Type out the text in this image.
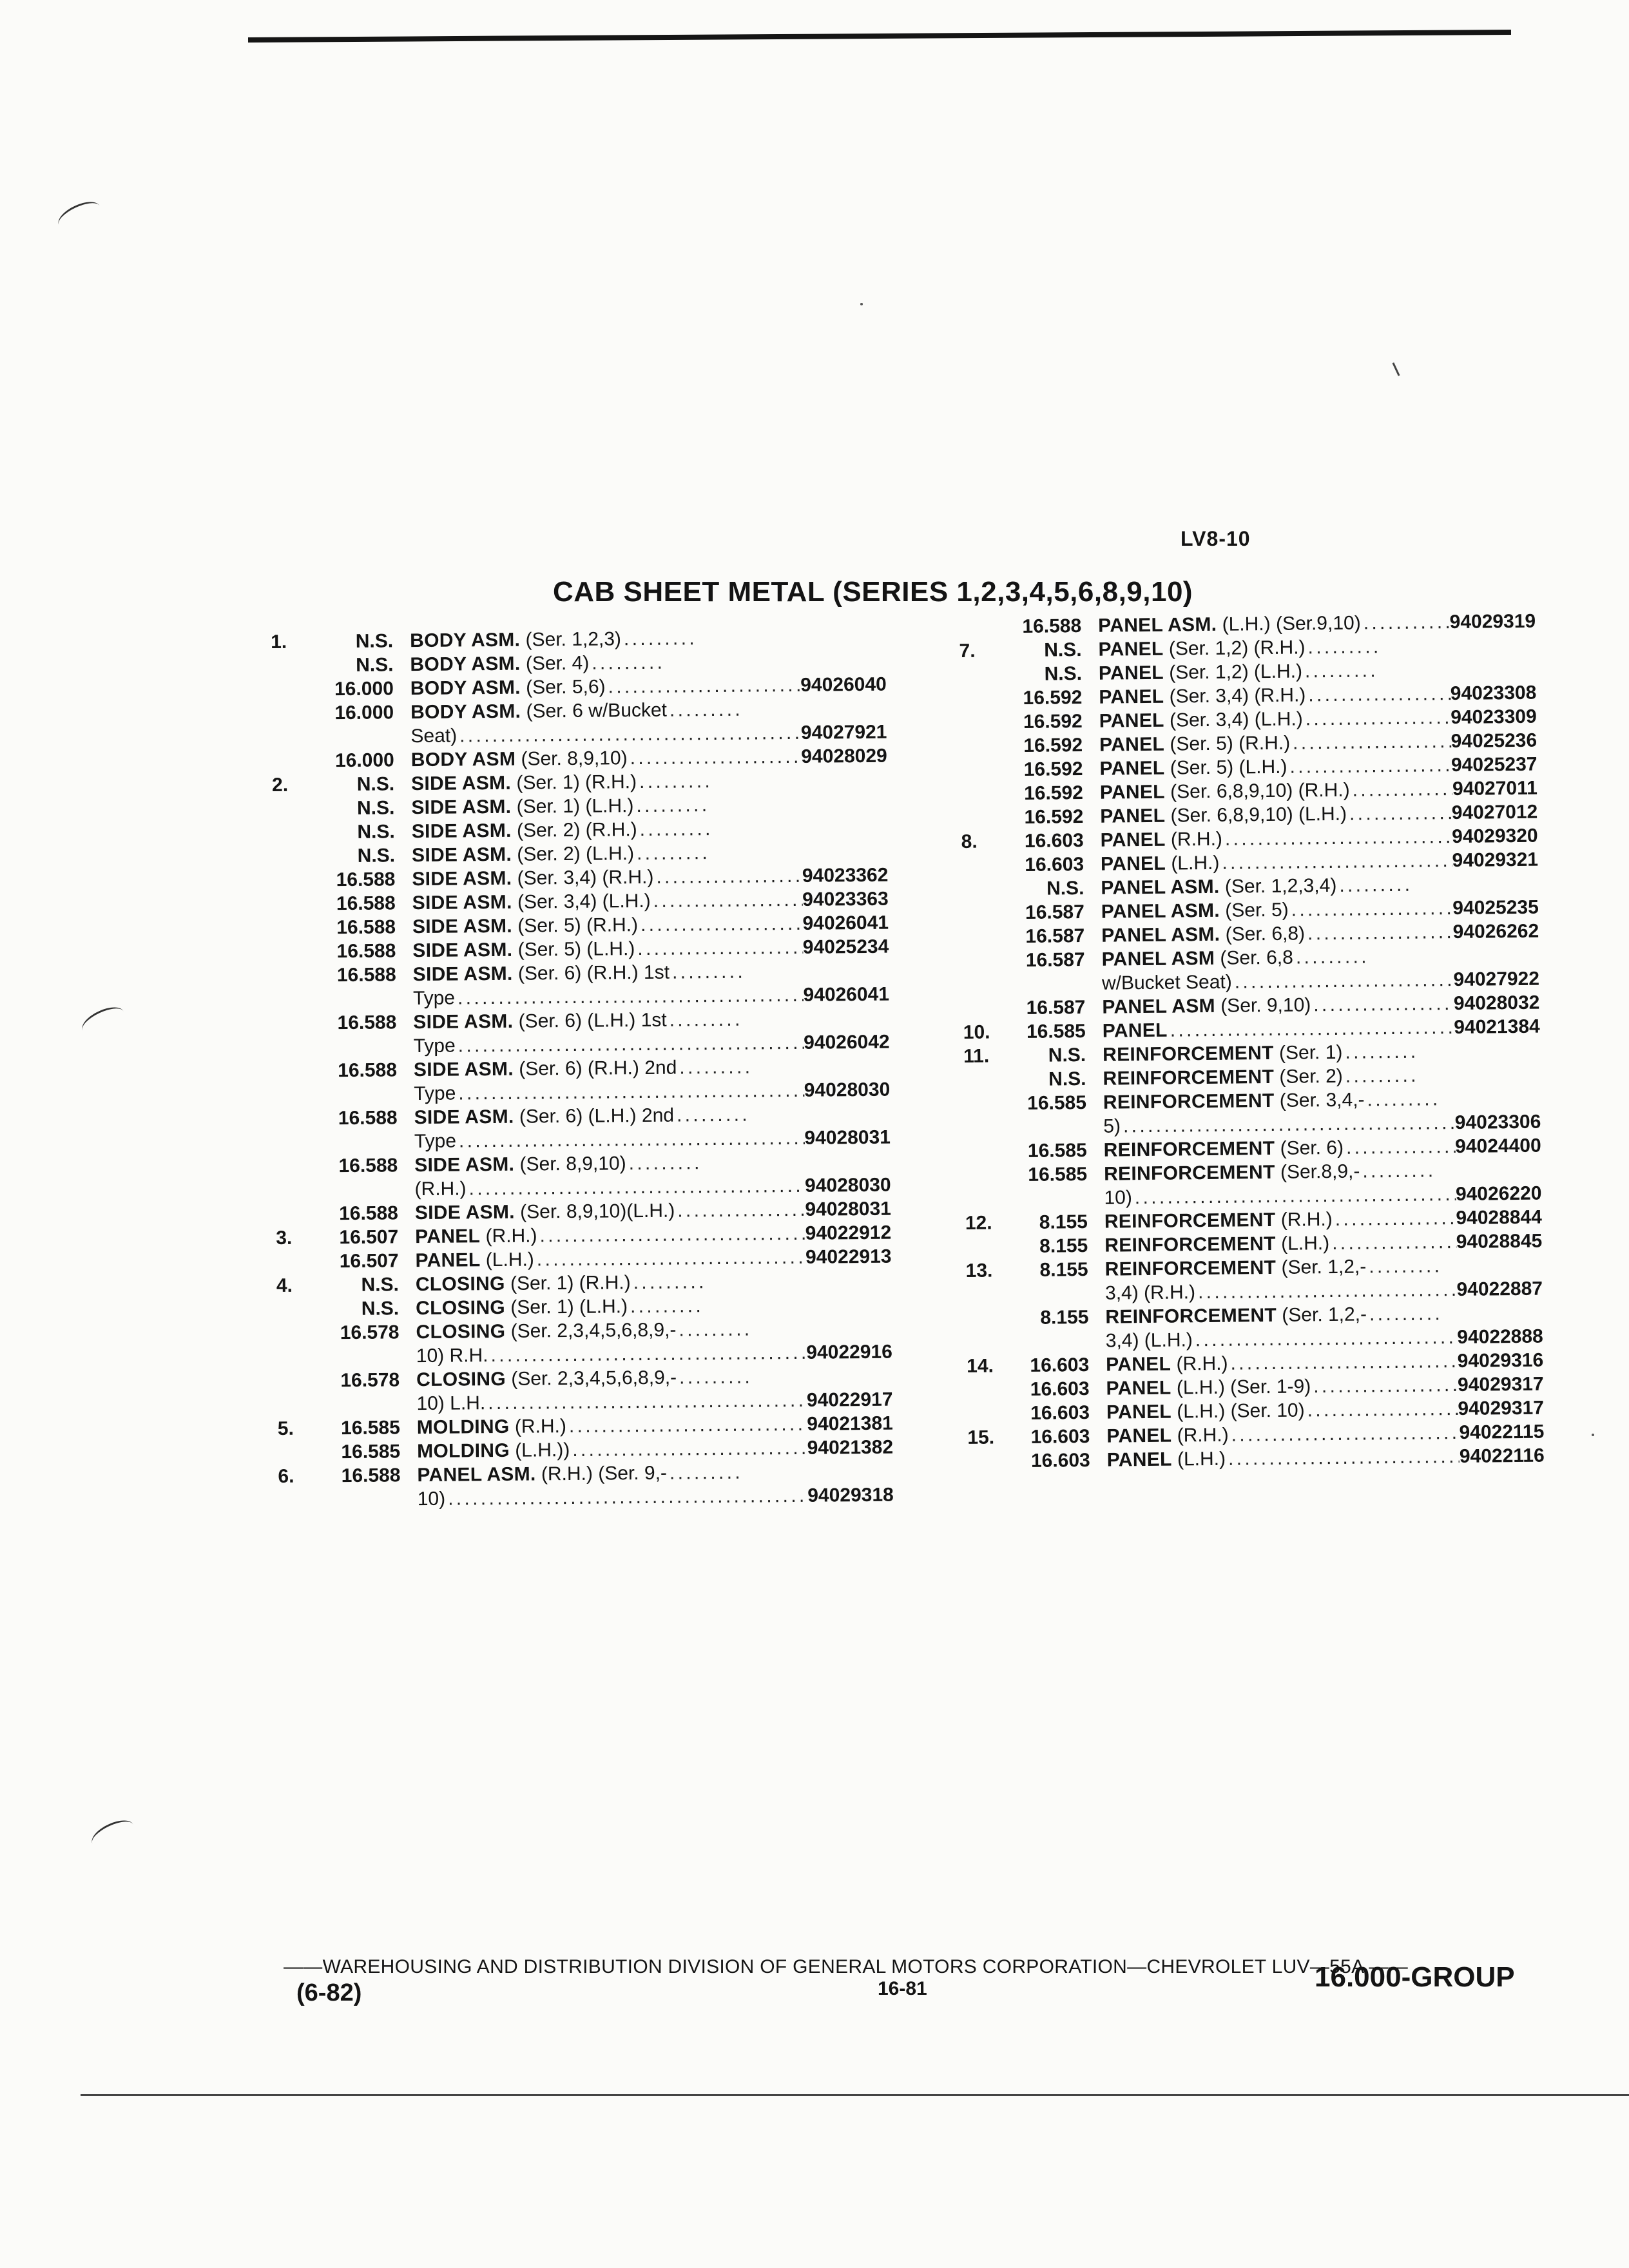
LV8-10
CAB SHEET METAL (SERIES 1,2,3,4,5,6,8,9,10)
1.	N.S. BODY ASM. (Ser. 1,2,3)
. . .
N.S. BODY ASM. (Ser. 4)
. . .
16.000 BODY ASM. (Ser. 5,6) . . .	94026040
16.000 BODY ASM. (Ser. 6 w/Bucket
. . .
Seat) . . .	94027921
16.000 BODY ASM (Ser. 8,9,10) . . .	94028029
2.	N.S. SIDE ASM. (Ser. 1) (R.H.)
. . .
N.S. SIDE ASM. (Ser. 1) (L.H.)
. . .
N.S. SIDE ASM. (Ser. 2) (R.H.)
. . .
N.S. SIDE ASM. (Ser. 2) (L.H.)
. . .
16.588 SIDE ASM. (Ser. 3,4) (R.H.) . . .	94023362
16.588 SIDE ASM. (Ser. 3,4) (L.H.) . . .	94023363
16.588 SIDE ASM. (Ser. 5) (R.H.) . . .	94026041
16.588 SIDE ASM. (Ser. 5) (L.H.) . . .	94025234
16.588 SIDE ASM. (Ser. 6) (R.H.) 1st
. . .
Type . . .	94026041
16.588 SIDE ASM. (Ser. 6) (L.H.) 1st
. . .
Type . . .	94026042
16.588 SIDE ASM. (Ser. 6) (R.H.) 2nd
. . .
Type . . .	94028030
16.588 SIDE ASM. (Ser. 6) (L.H.) 2nd
. . .
Type . . .	94028031
16.588 SIDE ASM. (Ser. 8,9,10)
. . .
(R.H.) . . .	94028030
16.588 SIDE ASM. (Ser. 8,9,10)(L.H.) . . .	94028031
3.	16.507 PANEL (R.H.) . . .	94022912
16.507 PANEL (L.H.) . . .	94022913
4.	N.S. CLOSING (Ser. 1) (R.H.)
. . .
N.S. CLOSING (Ser. 1) (L.H.)
. . .
16.578 CLOSING (Ser. 2,3,4,5,6,8,9,-
. . .
10) R.H. . . .	94022916
16.578 CLOSING (Ser. 2,3,4,5,6,8,9,-
. . .
10) L.H. . . .	94022917
5.	16.585 MOLDING (R.H.) . . .	94021381
16.585 MOLDING (L.H.)) . . .	94021382
6.	16.588 PANEL ASM. (R.H.) (Ser. 9,-
. . .
10) . . .	94029318
16.588 PANEL ASM. (L.H.) (Ser.9,10) . . .	94029319
7.	N.S. PANEL (Ser. 1,2) (R.H.)
. . .
N.S. PANEL (Ser. 1,2) (L.H.)
. . .
16.592 PANEL (Ser. 3,4) (R.H.) . . .	94023308
16.592 PANEL (Ser. 3,4) (L.H.) . . .	94023309
16.592 PANEL (Ser. 5) (R.H.) . . .	94025236
16.592 PANEL (Ser. 5) (L.H.) . . .	94025237
16.592 PANEL (Ser. 6,8,9,10) (R.H.) . . .	94027011
16.592 PANEL (Ser. 6,8,9,10) (L.H.) . . .	94027012
8.	16.603 PANEL (R.H.) . . .	94029320
16.603 PANEL (L.H.) . . .	94029321
N.S. PANEL ASM. (Ser. 1,2,3,4)
. . .
16.587 PANEL ASM. (Ser. 5) . . .	94025235
16.587 PANEL ASM. (Ser. 6,8) . . .	94026262
16.587 PANEL ASM (Ser. 6,8
. . .
w/Bucket Seat) . . .	94027922
16.587 PANEL ASM (Ser. 9,10) . . .	94028032
10.	16.585 PANEL . . .	94021384
11.	N.S. REINFORCEMENT (Ser. 1)
. . .
N.S. REINFORCEMENT (Ser. 2)
. . .
16.585 REINFORCEMENT (Ser. 3,4,-
. . .
5) . . .	94023306
16.585 REINFORCEMENT (Ser. 6) . . .	94024400
16.585 REINFORCEMENT (Ser.8,9,-
. . .
10) . . .	94026220
12.	8.155 REINFORCEMENT (R.H.) . . .	94028844
8.155 REINFORCEMENT (L.H.) . . .	94028845
13.	8.155 REINFORCEMENT (Ser. 1,2,-
. . .
3,4) (R.H.) . . .	94022887
8.155 REINFORCEMENT (Ser. 1,2,-
. . .
3,4) (L.H.) . . .	94022888
14.	16.603 PANEL (R.H.) . . .	94029316
16.603 PANEL (L.H.) (Ser. 1-9) . . .	94029317
16.603 PANEL (L.H.) (Ser. 10) . . .	94029317
15.	16.603 PANEL (R.H.) . . .	94022115
16.603 PANEL (L.H.) . . .	94022116
——WAREHOUSING AND DISTRIBUTION DIVISION OF GENERAL MOTORS CORPORATION—CHEVROLET LUV—55A ——
(6-82)	16-81	16.000-GROUP
